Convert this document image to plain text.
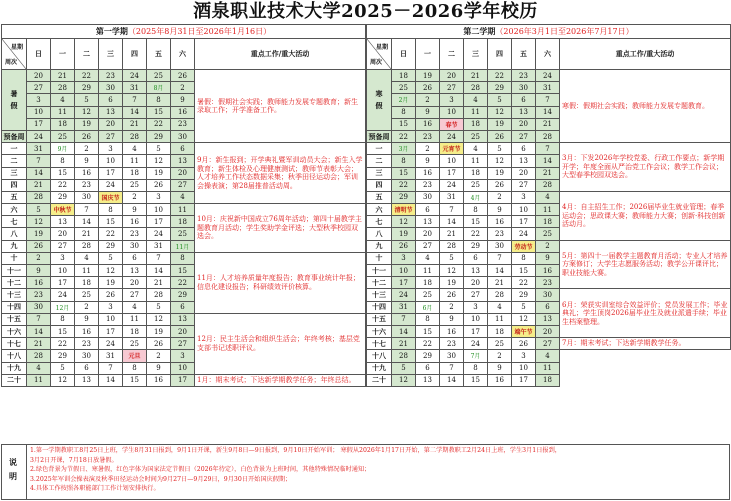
酒泉职业技术大学2025－2026学年校历
第一学期（2025年8月31日至2026年1月16日）								

星期
周次	日	一	二	三	四	五	六	重点工作/重大活动
暑
假	20	21	22	23	24	25	26	暑假：假期社会实践；教师能力发展专题教育；新生录取工作；开学准备工作。
	27	28	29	30	31	8月	2	
	3	4	5	6	7	8	9	
	10	11	12	13	14	15	16	
	17	18	19	20	21	22	23	
预备周	24	25	26	27	28	29	30	
一	31	9月	2	3	4	5	6	9月：新生报到；开学典礼暨军训动员大会；新生入学教育；新生体检及心理健康测试；教师节表彰大会；人才培养工作状态数据采集；秋季田径运动会；军训会操表演；第28届推普活动周。
二	7	8	9	10	11	12	13	
三	14	15	16	17	18	19	20	
四	21	22	23	24	25	26	27	
五	28	29	30	国庆节	2	3	4	
六	5	中秋节	7	8	9	10	11	10月：庆祝新中国成立76周年活动；第四十届教学主题教育月活动；学生奖助学金评选；大型秋季校园双选会。
七	12	13	14	15	16	17	18	
八	19	20	21	22	23	24	25	
九	26	27	28	29	30	31	11月	
十	2	3	4	5	6	7	8	11月：人才培养质量年度报告；教育事业统计年报；信息化建设报告；科研绩效评价核算。
十一	9	10	11	12	13	14	15	
十二	16	17	18	19	20	21	22	
十三	23	24	25	26	27	28	29	
十四	30	12月	2	3	4	5	6	
十五	7	8	9	10	11	12	13	12月：民主生活会和组织生活会；年终考核；基层党支部书记述职评议。
十六	14	15	16	17	18	19	20	
十七	21	22	23	24	25	26	27	
十八	28	29	30	31	元旦	2	3	
十九	4	5	6	7	8	9	10	
二十	11	12	13	14	15	16	17	1月：期末考试；下达新学期教学任务；年终总结。
第二学期（2026年3月1日至2026年7月17日）								

星期
周次	日	一	二	三	四	五	六	重点工作/重大活动
寒
假	18	19	20	21	22	23	24	寒假：假期社会实践；教师能力发展专题教育。
	25	26	27	28	29	30	31	
	2月	2	3	4	5	6	7	
	8	9	10	11	12	13	14	
	15	16	春节	18	19	20	21	
预备周	22	23	24	25	26	27	28	
一	3月	2	元宵节	4	5	6	7	3月：下发2026年学校党委、行政工作要点；新学期开学；年度全面从严治党工作会议；教学工作会议；大型春季校园双选会。
二	8	9	10	11	12	13	14	
三	15	16	17	18	19	20	21	
四	22	23	24	25	26	27	28	
五	29	30	31	4月	2	3	4	4月：自主招生工作；2026届毕业生就业管理；春季运动会；思政课大赛；教师能力大赛；创新·科技创新活动月。
六	清明节	6	7	8	9	10	11	
七	12	13	14	15	16	17	18	
八	19	20	21	22	23	24	25	
九	26	27	28	29	30	劳动节	2	5月：第四十一届教学主题教育月活动；专业人才培养方案修订；大学生志愿服务活动；教学公开课评比；职业技能大赛。
十	3	4	5	6	7	8	9	
十一	10	11	12	13	14	15	16	
十二	17	18	19	20	21	22	23	
十三	24	25	26	27	28	29	30	6月：荣获实训室综合效益评价；党员发展工作；毕业典礼；学生顶岗2026届毕业生及就业派遣手续；毕业生档案整理。
十四	31	6月	2	3	4	5	6	
十五	7	8	9	10	11	12	13	
十六	14	15	16	17	18	端午节	20	
十七	21	22	23	24	25	26	27	7月：期末考试；下达新学期教学任务。
十八	28	29	30	7月	2	3	4	
十九	5	6	7	8	9	10	11	
二十	12	13	14	15	16	17	18	
说明
1.第一学期教职工8月25日上班，学生8月31日报到，9月1日开课，新生9月8日—9日报到，9月10日开始军训； 寒假从2026年1月17日开始，第二学期教职工2月24日上班，学生3月1日报到，
3月2日开课，7月18日放暑假。
2.绿色背景为节假日、寒暑假，红色字体为国家法定节假日（2026年待定），白色背景为上班时间，其他特殊情况临时通知；
3.2025年军训会操表演及秋季田径运动会时间为9月27日—9月29日，9月30日开始国庆假期；
4.具体工作按照各职能部门工作计划安排执行。
